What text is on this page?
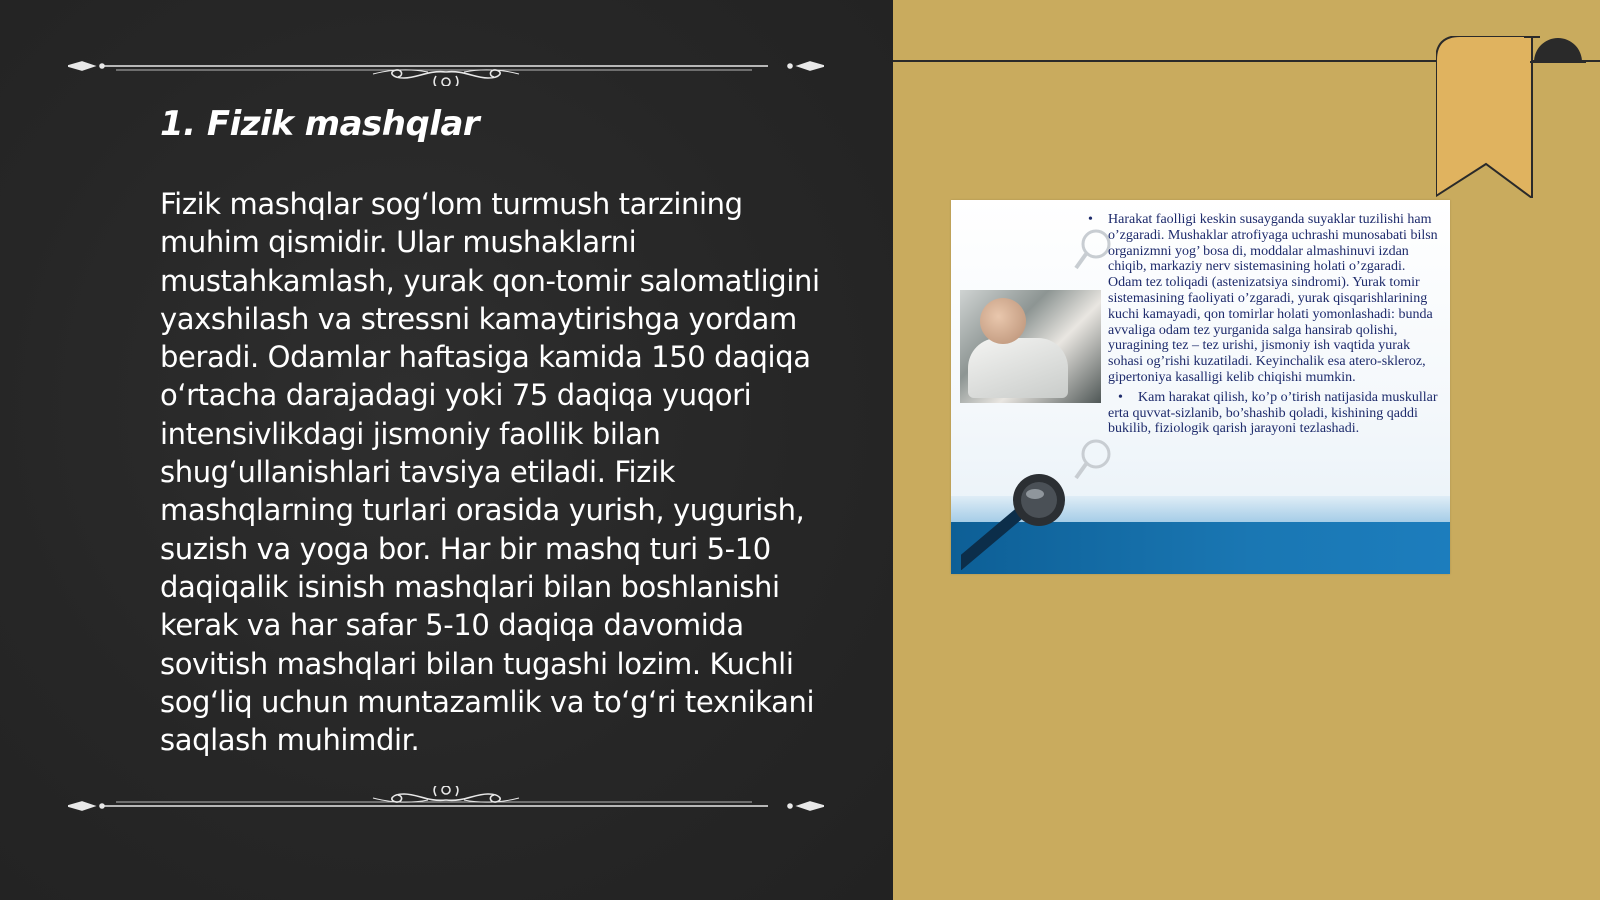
1. Fizik mashqlar

Fizik mashqlar sog‘lom turmush tarzining muhim qismidir. Ular mushaklarni mustahkamlash, yurak qon-tomir salomatligini yaxshilash va stressni kamaytirishga yordam beradi. Odamlar haftasiga kamida 150 daqiqa o‘rtacha darajadagi yoki 75 daqiqa yuqori intensivlikdagi jismoniy faollik bilan shug‘ullanishlari tavsiya etiladi. Fizik mashqlarning turlari orasida yurish, yugurish, suzish va yoga bor. Har bir mashq turi 5-10 daqiqalik isinish mashqlari bilan boshlanishi kerak va har safar 5-10 daqiqa davomida sovitish mashqlari bilan tugashi lozim. Kuchli sog‘liq uchun muntazamlik va to‘g‘ri texnikani saqlash muhimdir.

• Harakat faolligi keskin susayganda suyaklar tuzilishi ham o’zgaradi. Mushaklar atrofiyaga uchrashi munosabati bilsn organizmni yog’ bosa di, moddalar almashinuvi izdan chiqib, markaziy nerv sistemasining holati o’zgaradi. Odam tez toliqadi (astenizatsiya sindromi). Yurak tomir sistemasining faoliyati o’zgaradi, yurak qisqarishlarining kuchi kamayadi, qon tomirlar holati yomonlashadi: bunda avvaliga odam tez yurganida salga hansirab qolishi, yuragining tez – tez urishi, jismoniy ish vaqtida yurak sohasi og’rishi kuzatiladi. Keyinchalik esa atero-skleroz, gipertoniya kasalligi kelib chiqishi mumkin.
• Kam harakat qilish, ko’p o’tirish natijasida muskullar erta quvvat-sizlanib, bo’shashib qoladi, kishining qaddi bukilib, fiziologik qarish jarayoni tezlashadi.
